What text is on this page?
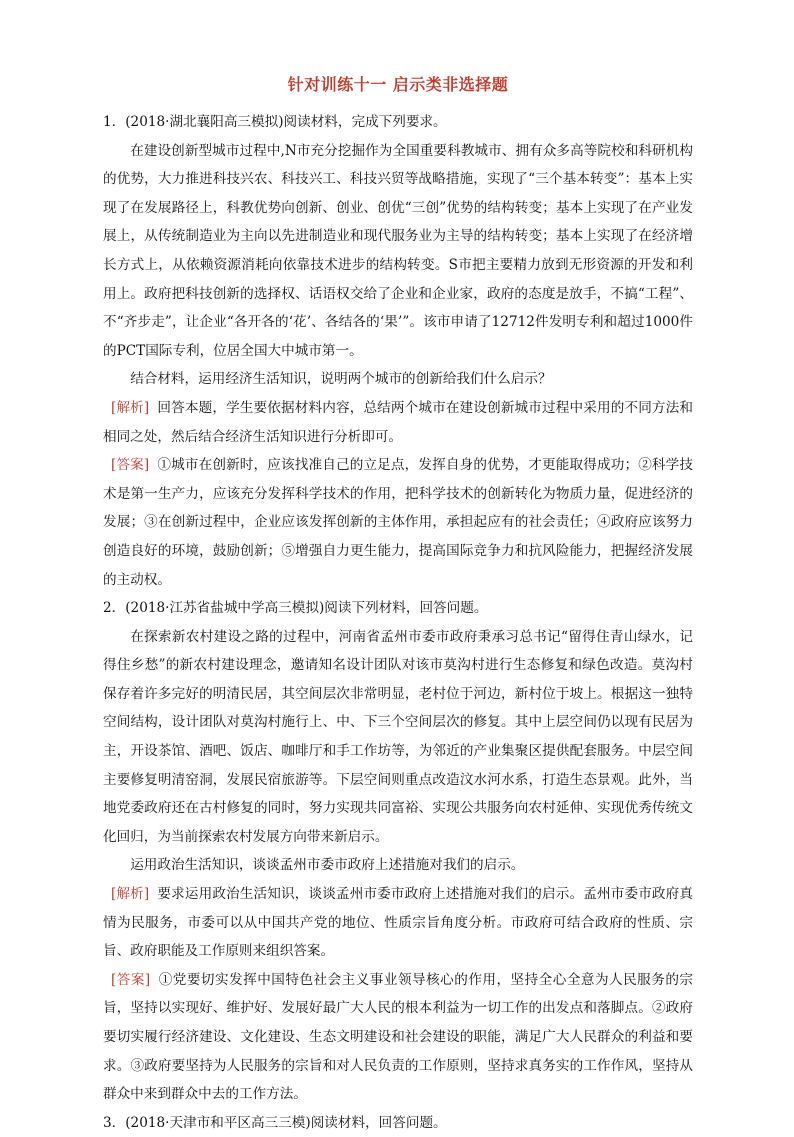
针对训练十一 启示类非选择题

1．(2018·湖北襄阳高三模拟)阅读材料，完成下列要求。

在建设创新型城市过程中,N市充分挖掘作为全国重要科教城市、拥有众多高等院校和科研机构的优势，大力推进科技兴农、科技兴工、科技兴贸等战略措施，实现了“三个基本转变”：基本上实现了在发展路径上，科教优势向创新、创业、创优“三创”优势的结构转变；基本上实现了在产业发展上，从传统制造业为主向以先进制造业和现代服务业为主导的结构转变；基本上实现了在经济增长方式上，从依赖资源消耗向依靠技术进步的结构转变。S市把主要精力放到无形资源的开发和利用上。政府把科技创新的选择权、话语权交给了企业和企业家，政府的态度是放手，不搞“工程”、不“齐步走”，让企业“各开各的‘花’、各结各的‘果’”。该市申请了12712件发明专利和超过1000件的PCT国际专利，位居全国大中城市第一。

结合材料，运用经济生活知识，说明两个城市的创新给我们什么启示？

[解析] 回答本题，学生要依据材料内容，总结两个城市在建设创新城市过程中采用的不同方法和相同之处，然后结合经济生活知识进行分析即可。

[答案] ①城市在创新时，应该找准自己的立足点，发挥自身的优势，才更能取得成功；②科学技术是第一生产力，应该充分发挥科学技术的作用，把科学技术的创新转化为物质力量，促进经济的发展；③在创新过程中，企业应该发挥创新的主体作用，承担起应有的社会责任；④政府应该努力创造良好的环境，鼓励创新；⑤增强自力更生能力，提高国际竞争力和抗风险能力，把握经济发展的主动权。

2．(2018·江苏省盐城中学高三模拟)阅读下列材料，回答问题。

在探索新农村建设之路的过程中，河南省孟州市委市政府秉承习总书记“留得住青山绿水，记得住乡愁”的新农村建设理念，邀请知名设计团队对该市莫沟村进行生态修复和绿色改造。莫沟村保存着许多完好的明清民居，其空间层次非常明显，老村位于河边，新村位于坡上。根据这一独特空间结构，设计团队对莫沟村施行上、中、下三个空间层次的修复。其中上层空间仍以现有民居为主，开设茶馆、酒吧、饭店、咖啡厅和手工作坊等，为邻近的产业集聚区提供配套服务。中层空间主要修复明清窑洞，发展民宿旅游等。下层空间则重点改造汶水河水系，打造生态景观。此外，当地党委政府还在古村修复的同时，努力实现共同富裕、实现公共服务向农村延伸、实现优秀传统文化回归，为当前探索农村发展方向带来新启示。

运用政治生活知识，谈谈孟州市委市政府上述措施对我们的启示。

[解析] 要求运用政治生活知识，谈谈孟州市委市政府上述措施对我们的启示。孟州市委市政府真情为民服务，市委可以从中国共产党的地位、性质宗旨角度分析。市政府可结合政府的性质、宗旨、政府职能及工作原则来组织答案。

[答案] ①党要切实发挥中国特色社会主义事业领导核心的作用，坚持全心全意为人民服务的宗旨，坚持以实现好、维护好、发展好最广大人民的根本利益为一切工作的出发点和落脚点。②政府要切实履行经济建设、文化建设、生态文明建设和社会建设的职能，满足广大人民群众的利益和要求。③政府要坚持为人民服务的宗旨和对人民负责的工作原则，坚持求真务实的工作作风，坚持从群众中来到群众中去的工作方法。

3．(2018·天津市和平区高三三模)阅读材料，回答问题。
